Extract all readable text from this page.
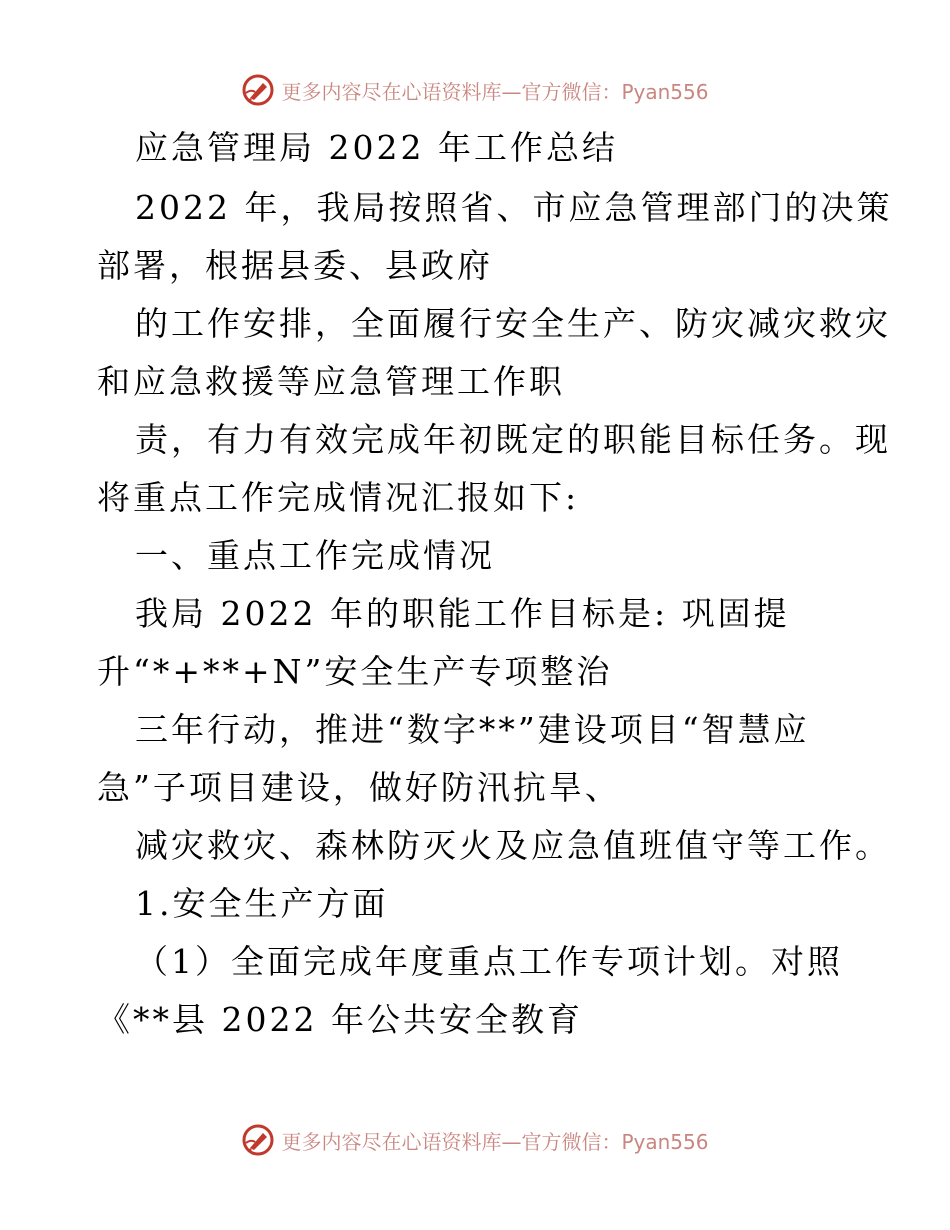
更多内容尽在心语资料库—官方微信：Pyan556
应急管理局 2022 年工作总结
2022 年，我局按照省、市应急管理部门的决策
部署，根据县委、县政府
的工作安排，全面履行安全生产、防灾减灾救灾
和应急救援等应急管理工作职
责，有力有效完成年初既定的职能目标任务。现
将重点工作完成情况汇报如下:
一、重点工作完成情况
我局 2022 年的职能工作目标是: 巩固提
升“*+**+N”安全生产专项整治
三年行动，推进“数字**”建设项目“智慧应
急”子项目建设，做好防汛抗旱、
减灾救灾、森林防灭火及应急值班值守等工作。
1.安全生产方面
（1）全面完成年度重点工作专项计划。对照
《**县 2022 年公共安全教育
更多内容尽在心语资料库—官方微信：Pyan556
